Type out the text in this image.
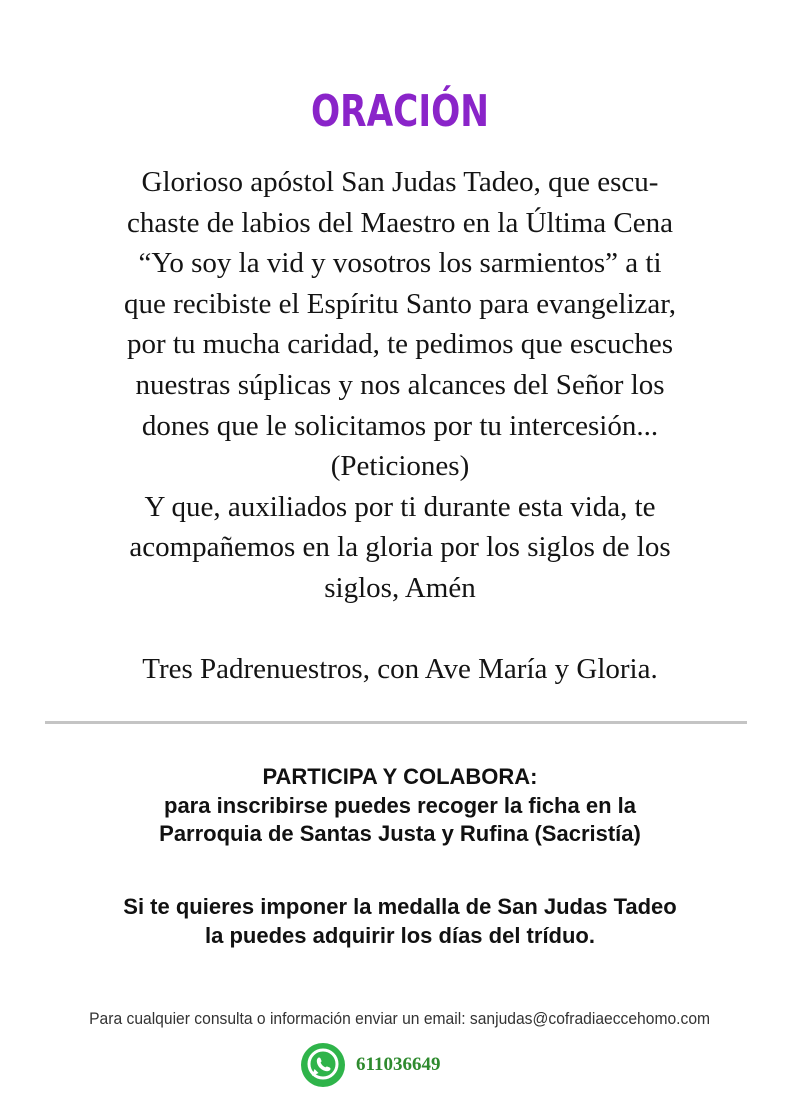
ORACIÓN
Glorioso apóstol San Judas Tadeo, que escu-
chaste de labios del Maestro en la Última Cena
“Yo soy la vid y vosotros los sarmientos” a ti
que recibiste el Espíritu Santo para evangelizar,
por tu mucha caridad, te pedimos que escuches
nuestras súplicas y nos alcances del Señor los
dones que le solicitamos por tu intercesión...
(Peticiones)
Y que, auxiliados por ti durante esta vida, te
acompañemos en la gloria por los siglos de los
siglos, Amén
Tres Padrenuestros, con Ave María y Gloria.
PARTICIPA Y COLABORA:
para inscribirse puedes recoger la ficha en la
Parroquia de Santas Justa y Rufina (Sacristía)
Si te quieres imponer la medalla de San Judas Tadeo
la puedes adquirir los días del tríduo.
Para cualquier consulta o información enviar un email: sanjudas@cofradiaeccehomo.com
611036649
